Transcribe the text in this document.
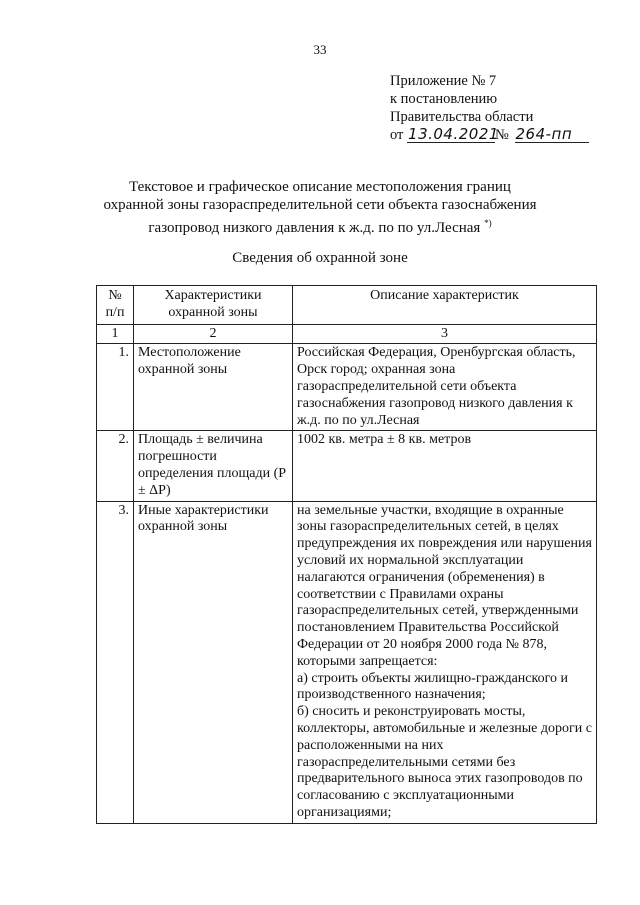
33
Приложение № 7
к постановлению
Правительства области
от 13.04.2021№ 264-пп
Текстовое и графическое описание местоположения границ
охранной зоны газораспределительной сети объекта газоснабжения
газопровод низкого давления к ж.д. по по ул.Лесная *)
Сведения об охранной зоне
№ п/п	Характеристики охранной зоны	Описание характеристик
1	2	3
1.	Местоположение охранной зоны	Российская Федерация, Оренбургская область, Орск город; охранная зона газораспределительной сети объекта газоснабжения газопровод низкого давления к ж.д. по по ул.Лесная
2.	Площадь ± величина погрешности определения площади (Р ± ΔР)	1002 кв. метра ± 8 кв. метров
3.	Иные характеристики охранной зоны	на земельные участки, входящие в охранные зоны газораспределительных сетей, в целях предупреждения их повреждения или нарушения условий их нормальной эксплуатации налагаются ограничения (обременения) в соответствии с Правилами охраны газораспределительных сетей, утвержденными постановлением Правительства Российской Федерации от 20 ноября 2000 года № 878, которыми запрещается:
а) строить объекты жилищно-гражданского и производственного назначения;
б) сносить и реконструировать мосты, коллекторы, автомобильные и железные дороги с расположенными на них газораспределительными сетями без предварительного выноса этих газопроводов по согласованию с эксплуатационными организациями;
